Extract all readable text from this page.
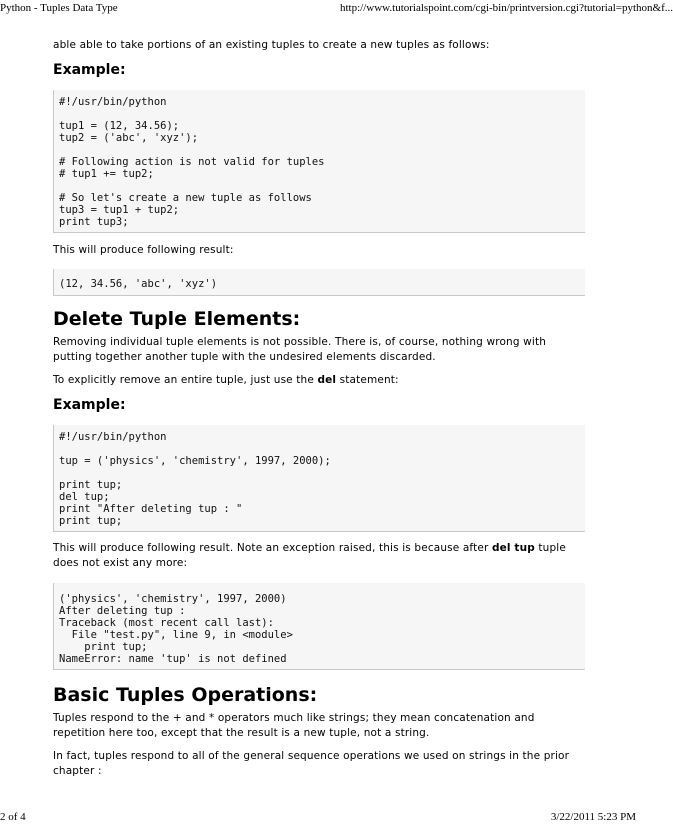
Python - Tuples Data Type	http://www.tutorialspoint.com/cgi-bin/printversion.cgi?tutorial=python&f...

able able to take portions of an existing tuples to create a new tuples as follows:

Example:
#!/usr/bin/python

tup1 = (12, 34.56);
tup2 = ('abc', 'xyz');

# Following action is not valid for tuples
# tup1 += tup2;

# So let's create a new tuple as follows
tup3 = tup1 + tup2;
print tup3;

This will produce following result:

(12, 34.56, 'abc', 'xyz')
Delete Tuple Elements:

Removing individual tuple elements is not possible. There is, of course, nothing wrong with putting together another tuple with the undesired elements discarded.

To explicitly remove an entire tuple, just use the del statement:

Example:
#!/usr/bin/python

tup = ('physics', 'chemistry', 1997, 2000);

print tup;
del tup;
print "After deleting tup : "
print tup;

This will produce following result. Note an exception raised, this is because after del tup tuple does not exist any more:

('physics', 'chemistry', 1997, 2000)
After deleting tup :
Traceback (most recent call last):
File "test.py", line 9, in <module>
print tup;
NameError: name 'tup' is not defined
Basic Tuples Operations:

Tuples respond to the + and * operators much like strings; they mean concatenation and repetition here too, except that the result is a new tuple, not a string.

In fact, tuples respond to all of the general sequence operations we used on strings in the prior chapter :

2 of 4	3/22/2011 5:23 PM
